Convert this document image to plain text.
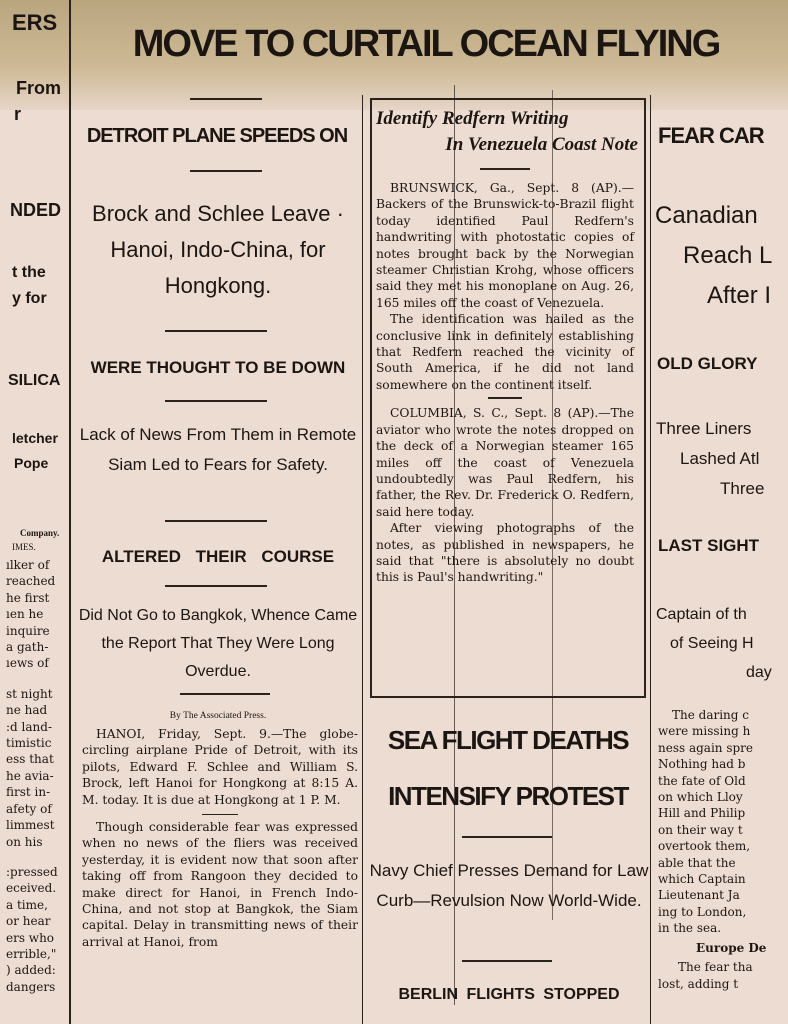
MOVE TO CURTAIL OCEAN FLYING
ERS
From
r
NDED
t the
y for
SILICA
letcher
Pope
Company.
IMES.
ılker of
reached
he first
ıen he
inquire
a gath-
ıews of
st night
ne had
:d land-
timistic
ess that
he avia-
first in-
afety of
limmest
on his
:pressed
eceived.
a time,
or hear
ers who
errible,"
) added:
dangers
DETROIT PLANE SPEEDS ON
Brock and Schlee Leave · Hanoi, Indo-China, for Hongkong.
WERE THOUGHT TO BE DOWN
Lack of News From Them in Remote Siam Led to Fears for Safety.
ALTERED THEIR COURSE
Did Not Go to Bangkok, Whence Came the Report That They Were Long Overdue.
By The Associated Press.

HANOI, Friday, Sept. 9.—The globe-circling airplane Pride of Detroit, with its pilots, Edward F. Schlee and William S. Brock, left Hanoi for Hongkong at 8:15 A. M. today. It is due at Hongkong at 1 P. M.

Though considerable fear was expressed when no news of the fliers was received yesterday, it is evident now that soon after taking off from Rangoon they decided to make direct for Hanoi, in French Indo-China, and not stop at Bangkok, the Siam capital. Delay in transmitting news of their arrival at Hanoi, from

Identify Redfern Writing
In Venezuela Coast Note

BRUNSWICK, Ga., Sept. 8 (AP).—Backers of the Brunswick-to-Brazil flight today identified Paul Redfern's handwriting with photostatic copies of notes brought back by the Norwegian steamer Christian Krohg, whose officers said they met his monoplane on Aug. 26, 165 miles off the coast of Venezuela.

The identification was hailed as the conclusive link in definitely establishing that Redfern reached the vicinity of South America, if he did not land somewhere on the continent itself.

COLUMBIA, S. C., Sept. 8 (AP).—The aviator who wrote the notes dropped on the deck of a Norwegian steamer 165 miles off the coast of Venezuela undoubtedly was Paul Redfern, his father, the Rev. Dr. Frederick O. Redfern, said here today.

After viewing photographs of the notes, as published in newspapers, he said that "there is absolutely no doubt this is Paul's handwriting."

SEA FLIGHT DEATHS
INTENSIFY PROTEST
Navy Chief Presses Demand for Law Curb—Revulsion Now World-Wide.
BERLIN FLIGHTS STOPPED
FEAR CAR
Canadian
Reach L
After I
OLD GLORY
Three Liners
Lashed Atl
Three
LAST SIGHT
Captain of th
of Seeing H
day
The daring c
were missing h
ness again spre
Nothing had b
the fate of Old
on which Lloy
Hill and Philip
on their way t
overtook them,
able that the
which Captain
Lieutenant Ja
ing to London,
in the sea.
Europe De
The fear tha
lost, adding t
